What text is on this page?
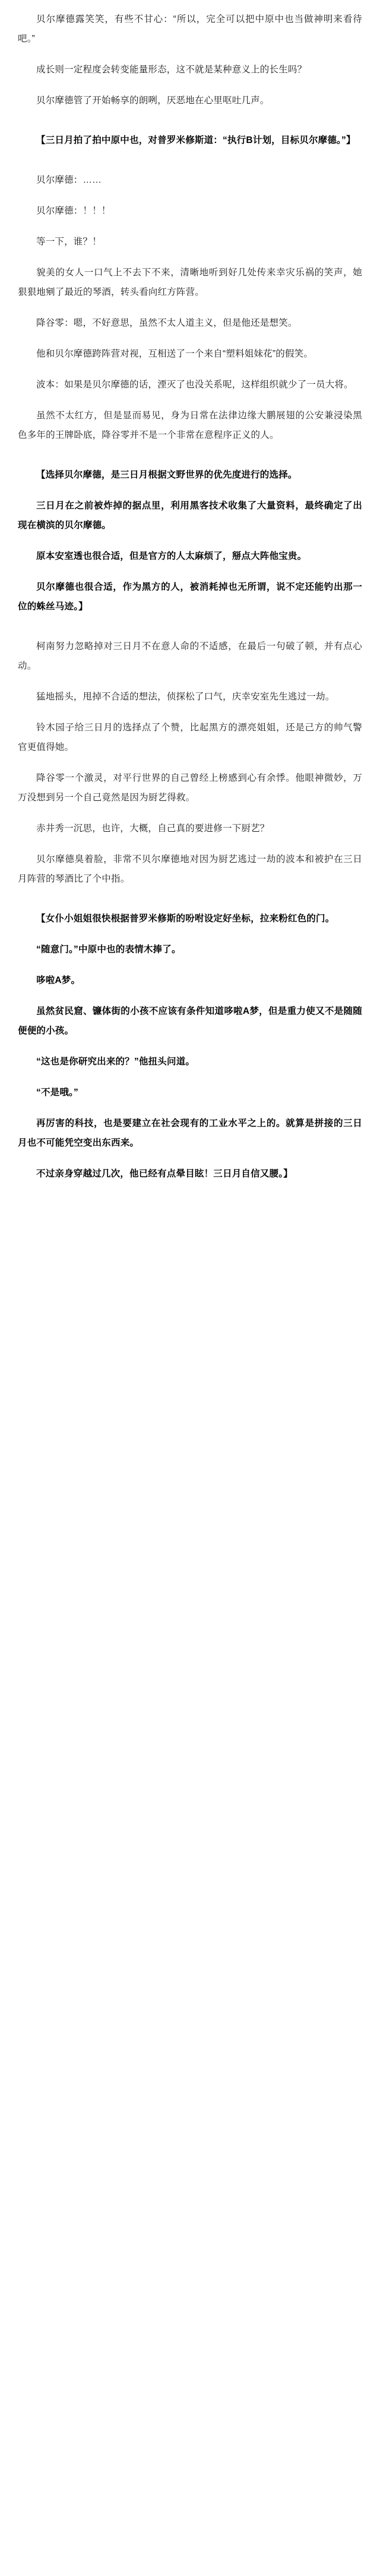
贝尔摩德露笑笑，有些不甘心：“所以，完全可以把中原中也当做神明来看待吧。”

成长则一定程度会转变能量形态，这不就是某种意义上的长生吗？

贝尔摩德管了开始畅享的朗咧，厌恶地在心里呕吐几声。

【三日月拍了拍中原中也，对普罗米修斯道：“执行B计划，目标贝尔摩德。”】

贝尔摩德：……

贝尔摩德：！！！

等一下，谁？！

貌美的女人一口气上不去下不来，清晰地听到好几处传来幸灾乐祸的笑声，她狠狠地剜了最近的琴酒，转头看向红方阵营。

降谷零：嗯，不好意思，虽然不太人道主义，但是他还是想笑。

他和贝尔摩德跨阵营对视，互相送了一个来自“塑料姐妹花”的假笑。

波本：如果是贝尔摩德的话，湮灭了也没关系呢，这样组织就少了一员大将。

虽然不太红方，但是显而易见，身为日常在法律边缘大鹏展翅的公安兼浸染黑色多年的王牌卧底，降谷零并不是一个非常在意程序正义的人。

【选择贝尔摩德，是三日月根据文野世界的优先度进行的选择。

三日月在之前被炸掉的据点里，利用黑客技术收集了大量资料，最终确定了出现在横滨的贝尔摩德。

原本安室透也很合适，但是官方的人太麻烦了，掰点大阵他宝贵。

贝尔摩德也很合适，作为黑方的人，被消耗掉也无所谓，说不定还能钓出那一位的蛛丝马迹。】

柯南努力忽略掉对三日月不在意人命的不适感，在最后一句破了顿，并有点心动。

猛地摇头，甩掉不合适的想法，侦探松了口气，庆幸安室先生逃过一劫。

铃木园子给三日月的选择点了个赞，比起黑方的漂亮姐姐，还是己方的帅气警官更值得她。

降谷零一个激灵，对平行世界的自己曾经上榜感到心有余悸。他眼神微妙，万万没想到另一个自己竟然是因为厨艺得救。

赤井秀一沉思，也许，大概，自己真的要进修一下厨艺？

贝尔摩德臭着脸，非常不贝尔摩德地对因为厨艺逃过一劫的波本和被护在三日月阵营的琴酒比了个中指。

【女仆小姐姐很快根据普罗米修斯的吩咐设定好坐标，拉来粉红色的门。

“随意门。”中原中也的表情木捧了。

哆啦A梦。

虽然贫民窟、镰体街的小孩不应该有条件知道哆啦A梦，但是重力使又不是随随便便的小孩。

“这也是你研究出来的？”他扭头问道。

“不是哦。”

再厉害的科技，也是要建立在社会现有的工业水平之上的。就算是拼接的三日月也不可能凭空变出东西来。

不过亲身穿越过几次，他已经有点晕目眩！三日月自信又腰。】
